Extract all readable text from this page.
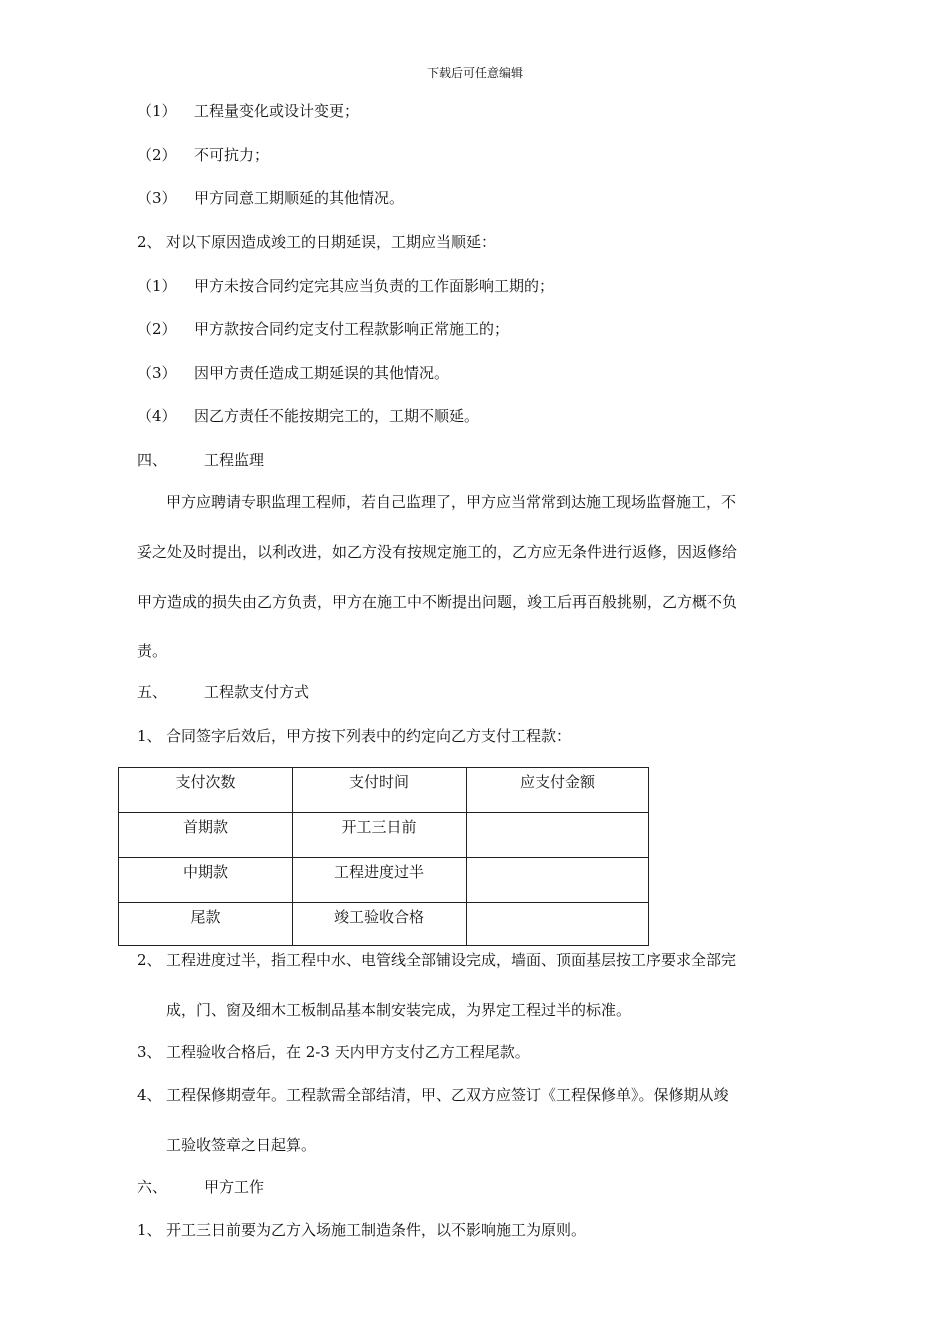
下载后可任意编辑
（1） 工程量变化或设计变更；
（2） 不可抗力；
（3） 甲方同意工期顺延的其他情况。
2、 对以下原因造成竣工的日期延误，工期应当顺延：
（1） 甲方未按合同约定完其应当负责的工作面影响工期的；
（2） 甲方款按合同约定支付工程款影响正常施工的；
（3） 因甲方责任造成工期延误的其他情况。
（4） 因乙方责任不能按期完工的，工期不顺延。
四、 工程监理
甲方应聘请专职监理工程师，若自己监理了，甲方应当常常到达施工现场监督施工，不
妥之处及时提出，以利改进，如乙方没有按规定施工的，乙方应无条件进行返修，因返修给
甲方造成的损失由乙方负责，甲方在施工中不断提出问题，竣工后再百般挑剔，乙方概不负
责。
五、 工程款支付方式
1、 合同签字后效后，甲方按下列表中的约定向乙方支付工程款：
支付次数	支付时间	应支付金额
首期款	开工三日前
中期款	工程进度过半
尾款	竣工验收合格
2、 工程进度过半，指工程中水、电管线全部铺设完成，墙面、顶面基层按工序要求全部完
成，门、窗及细木工板制品基本制安装完成，为界定工程过半的标准。
3、 工程验收合格后，在 2-3 天内甲方支付乙方工程尾款。
4、 工程保修期壹年。工程款需全部结清，甲、乙双方应签订《工程保修单》。保修期从竣
工验收签章之日起算。
六、 甲方工作
1、 开工三日前要为乙方入场施工制造条件，以不影响施工为原则。
